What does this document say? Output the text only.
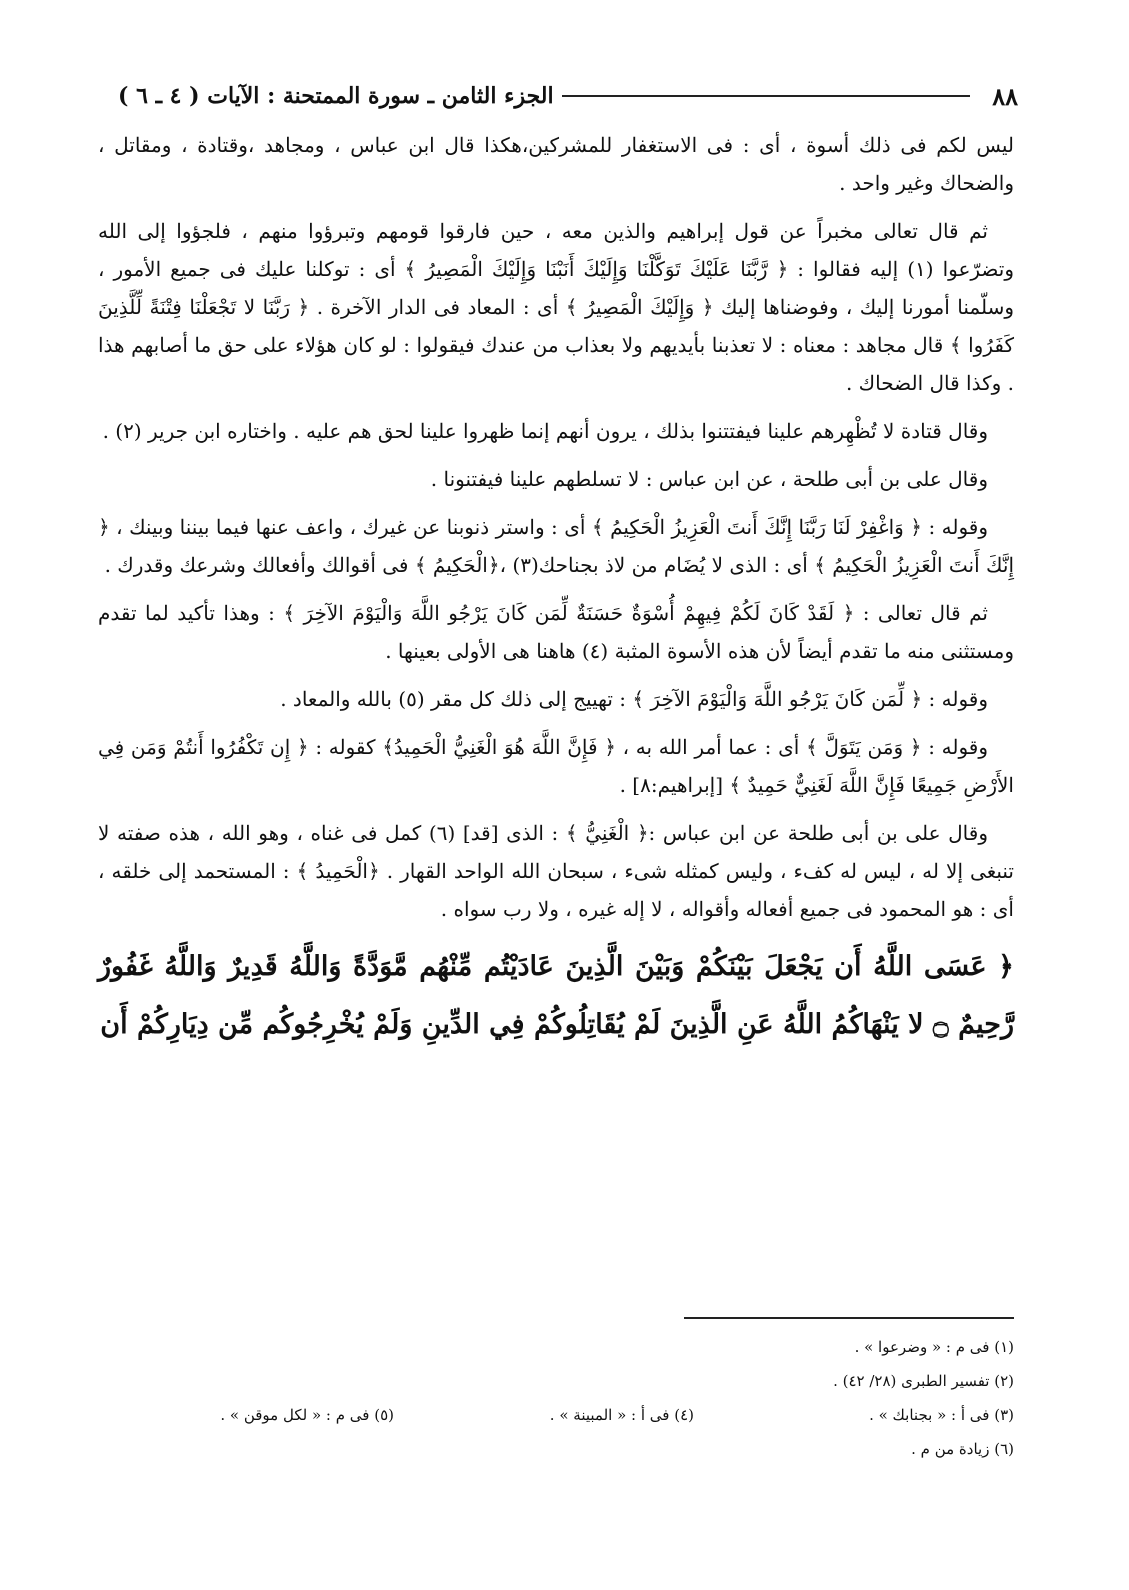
٨٨
الجزء الثامن ـ سورة الممتحنة : الآيات ( ٤ ـ ٦ )

ليس لكم فى ذلك أسوة ، أى : فى الاستغفار للمشركين،هكذا قال ابن عباس ، ومجاهد ،وقتادة ، ومقاتل ، والضحاك وغير واحد .

ثم قال تعالى مخبراً عن قول إبراهيم والذين معه ، حين فارقوا قومهم وتبرؤوا منهم ، فلجؤوا إلى الله وتضرّعوا (١) إليه فقالوا : ﴿ رَّبَّنَا عَلَيْكَ تَوَكَّلْنَا وَإِلَيْكَ أَنَبْنَا وَإِلَيْكَ الْمَصِيرُ ﴾ أى : توكلنا عليك فى جميع الأمور ، وسلّمنا أمورنا إليك ، وفوضناها إليك ﴿ وَإِلَيْكَ الْمَصِيرُ ﴾ أى : المعاد فى الدار الآخرة . ﴿ رَبَّنَا لا تَجْعَلْنَا فِتْنَةً لِّلَّذِينَ كَفَرُوا ﴾ قال مجاهد : معناه : لا تعذبنا بأيديهم ولا بعذاب من عندك فيقولوا : لو كان هؤلاء على حق ما أصابهم هذا . وكذا قال الضحاك .

وقال قتادة لا تُظْهِرهم علينا فيفتتنوا بذلك ، يرون أنهم إنما ظهروا علينا لحق هم عليه . واختاره ابن جرير (٢) .

وقال على بن أبى طلحة ، عن ابن عباس : لا تسلطهم علينا فيفتنونا .

وقوله : ﴿ وَاغْفِرْ لَنَا رَبَّنَا إِنَّكَ أَنتَ الْعَزِيزُ الْحَكِيمُ ﴾ أى : واستر ذنوبنا عن غيرك ، واعف عنها فيما بيننا وبينك ، ﴿ إِنَّكَ أَنتَ الْعَزِيزُ الْحَكِيمُ ﴾ أى : الذى لا يُضَام من لاذ بجناحك(٣) ،﴿الْحَكِيمُ ﴾ فى أقوالك وأفعالك وشرعك وقدرك .

ثم قال تعالى : ﴿ لَقَدْ كَانَ لَكُمْ فِيهِمْ أُسْوَةٌ حَسَنَةٌ لِّمَن كَانَ يَرْجُو اللَّهَ وَالْيَوْمَ الآخِرَ ﴾ : وهذا تأكيد لما تقدم ومستثنى منه ما تقدم أيضاً لأن هذه الأسوة المثبة (٤) هاهنا هى الأولى بعينها .

وقوله : ﴿ لِّمَن كَانَ يَرْجُو اللَّهَ وَالْيَوْمَ الآخِرَ ﴾ : تهييج إلى ذلك كل مقر (٥) بالله والمعاد .

وقوله : ﴿ وَمَن يَتَوَلَّ ﴾ أى : عما أمر الله به ، ﴿ فَإِنَّ اللَّهَ هُوَ الْغَنِيُّ الْحَمِيدُ﴾ كقوله : ﴿ إِن تَكْفُرُوا أَنتُمْ وَمَن فِي الأَرْضِ جَمِيعًا فَإِنَّ اللَّهَ لَغَنِيٌّ حَمِيدٌ ﴾ [إبراهيم:٨] .

وقال على بن أبى طلحة عن ابن عباس :﴿ الْغَنِيُّ ﴾ : الذى [قد] (٦) كمل فى غناه ، وهو الله ، هذه صفته لا تنبغى إلا له ، ليس له كفء ، وليس كمثله شىء ، سبحان الله الواحد القهار . ﴿الْحَمِيدُ ﴾ : المستحمد إلى خلقه ، أى : هو المحمود فى جميع أفعاله وأقواله ، لا إله غيره ، ولا رب سواه .

﴿ عَسَى اللَّهُ أَن يَجْعَلَ بَيْنَكُمْ وَبَيْنَ الَّذِينَ عَادَيْتُم مِّنْهُم مَّوَدَّةً وَاللَّهُ قَدِيرٌ وَاللَّهُ غَفُورٌ رَّحِيمٌ ۝ لا يَنْهَاكُمُ اللَّهُ عَنِ الَّذِينَ لَمْ يُقَاتِلُوكُمْ فِي الدِّينِ وَلَمْ يُخْرِجُوكُم مِّن دِيَارِكُمْ أَن

(١) فى م : « وضرعوا » .
(٢) تفسير الطبرى (٢٨/ ٤٢) .
(٣) فى أ : « بجنابك » .
(٤) فى أ : « المبينة » .
(٥) فى م : « لكل موقن » .
(٦) زيادة من م .
